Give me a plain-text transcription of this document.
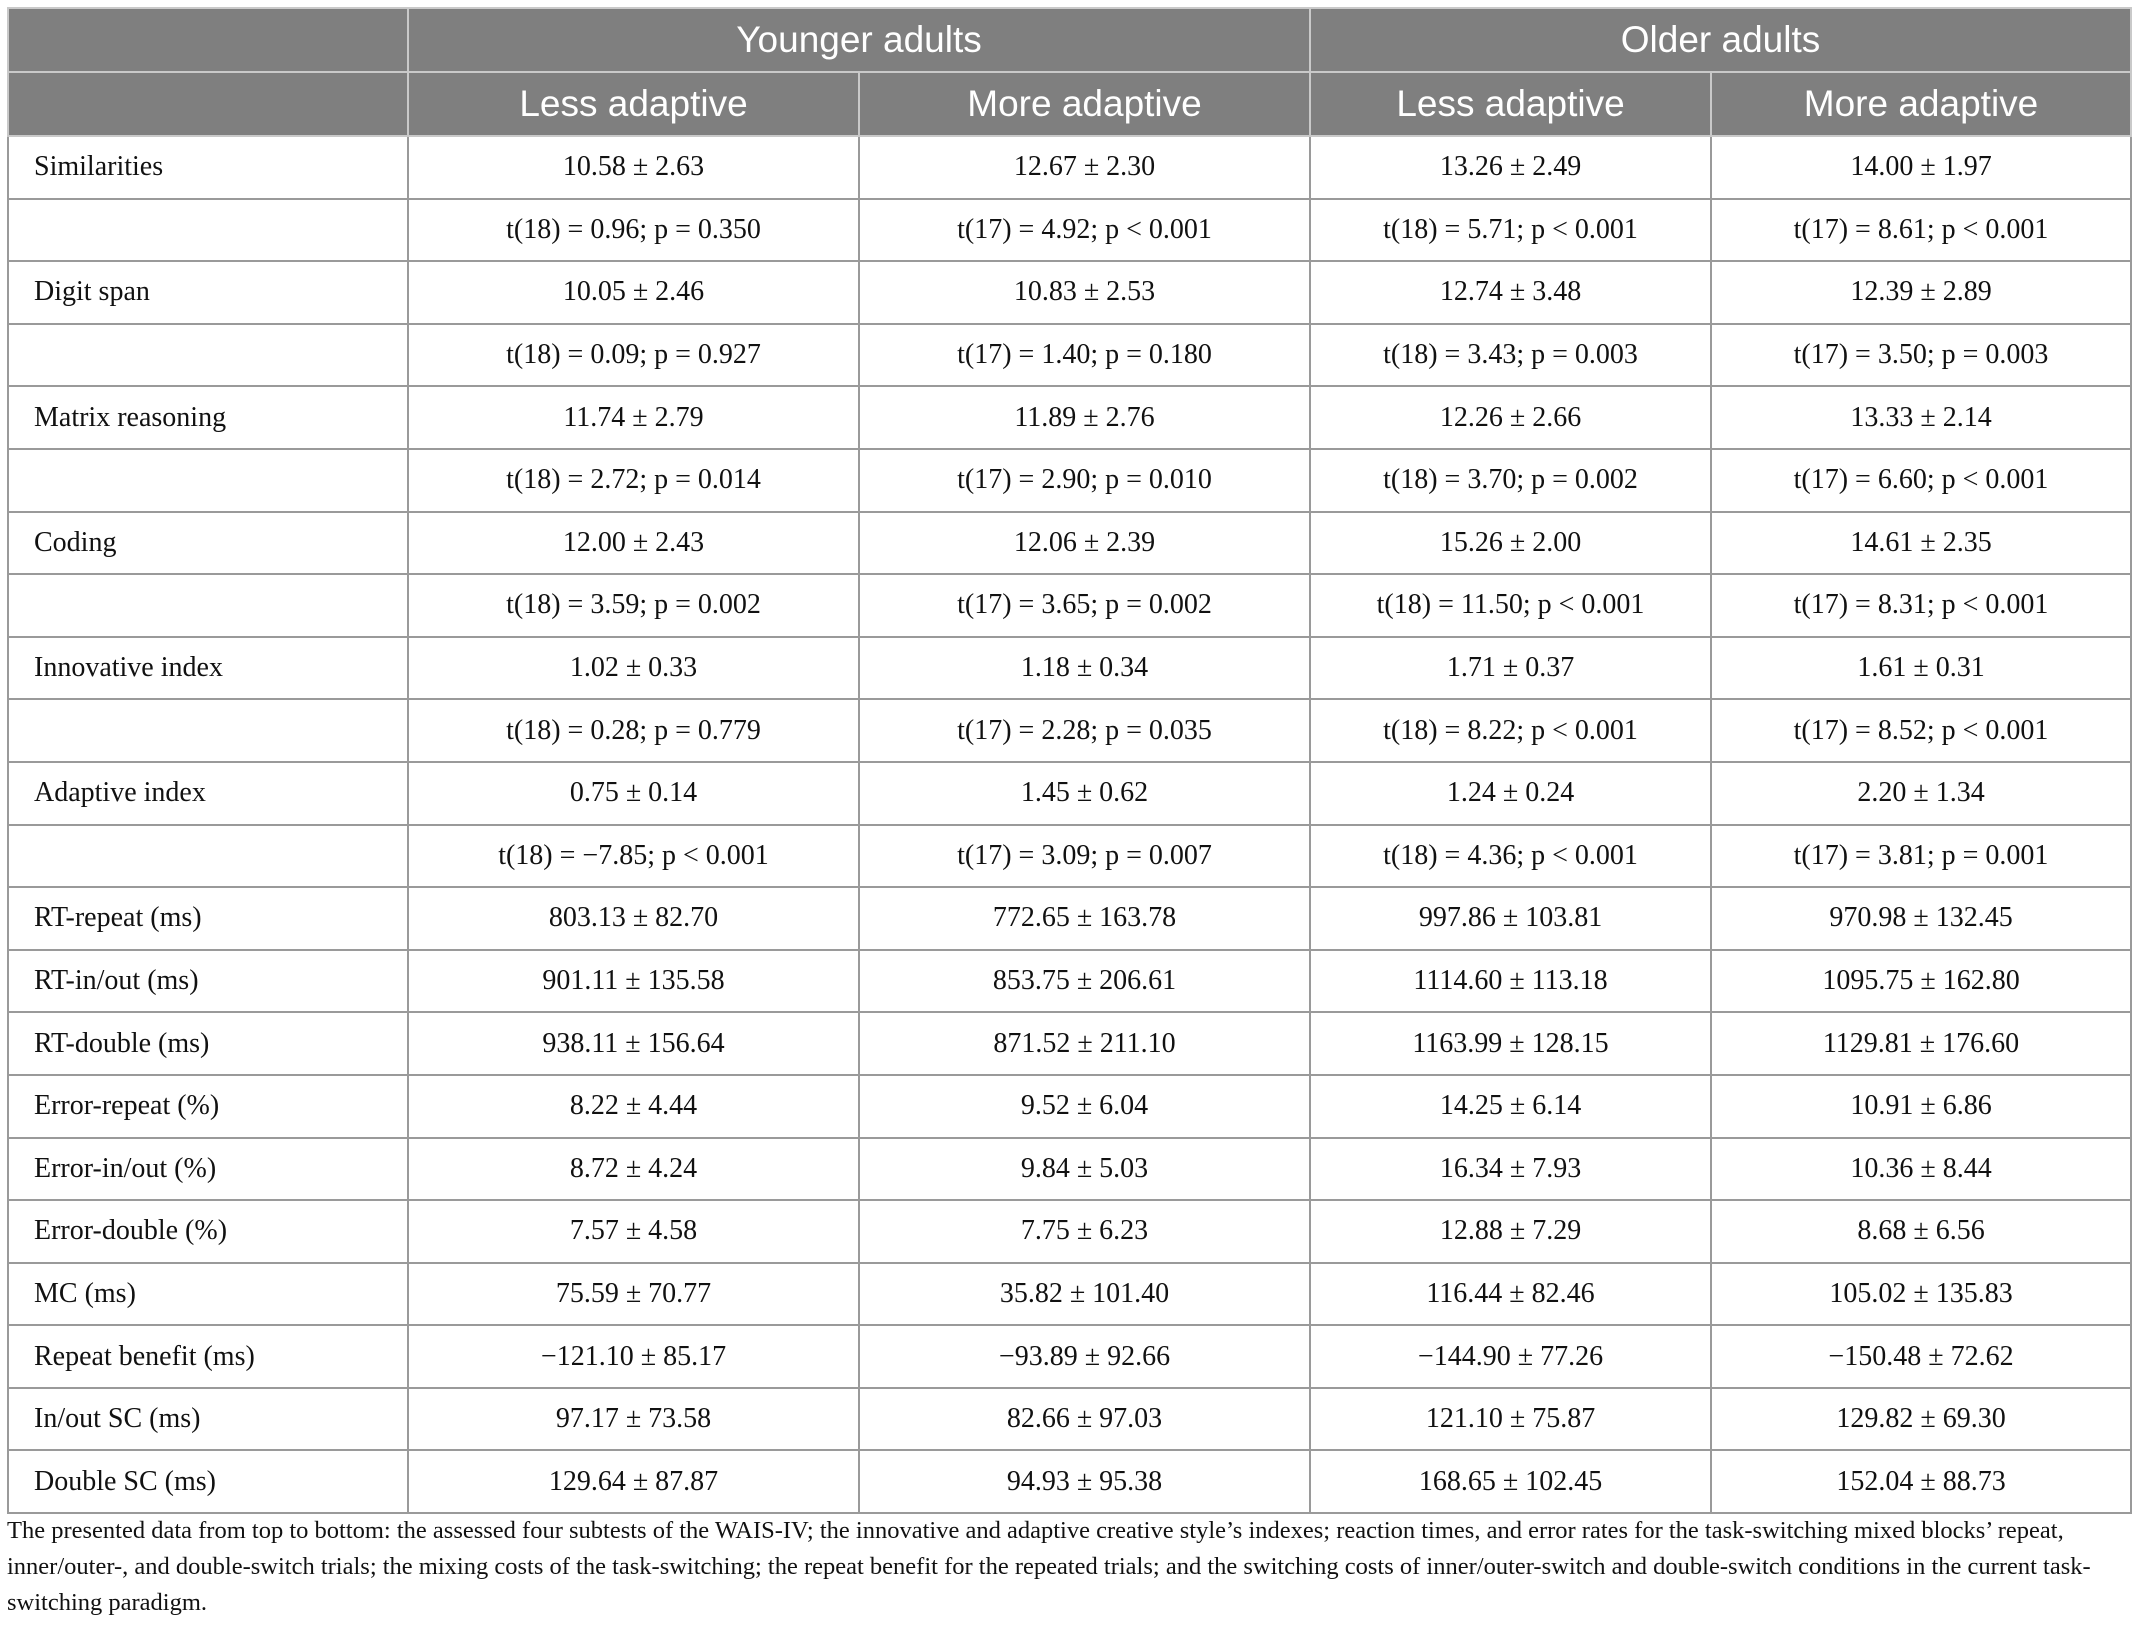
	Younger adults		Older adults	
	Less adaptive	More adaptive	Less adaptive	More adaptive
Similarities	10.58 ± 2.63	12.67 ± 2.30	13.26 ± 2.49	14.00 ± 1.97
	t(18) = 0.96; p = 0.350	t(17) = 4.92; p < 0.001	t(18) = 5.71; p < 0.001	t(17) = 8.61; p < 0.001
Digit span	10.05 ± 2.46	10.83 ± 2.53	12.74 ± 3.48	12.39 ± 2.89
	t(18) = 0.09; p = 0.927	t(17) = 1.40; p = 0.180	t(18) = 3.43; p = 0.003	t(17) = 3.50; p = 0.003
Matrix reasoning	11.74 ± 2.79	11.89 ± 2.76	12.26 ± 2.66	13.33 ± 2.14
	t(18) = 2.72; p = 0.014	t(17) = 2.90; p = 0.010	t(18) = 3.70; p = 0.002	t(17) = 6.60; p < 0.001
Coding	12.00 ± 2.43	12.06 ± 2.39	15.26 ± 2.00	14.61 ± 2.35
	t(18) = 3.59; p = 0.002	t(17) = 3.65; p = 0.002	t(18) = 11.50; p < 0.001	t(17) = 8.31; p < 0.001
Innovative index	1.02 ± 0.33	1.18 ± 0.34	1.71 ± 0.37	1.61 ± 0.31
	t(18) = 0.28; p = 0.779	t(17) = 2.28; p = 0.035	t(18) = 8.22; p < 0.001	t(17) = 8.52; p < 0.001
Adaptive index	0.75 ± 0.14	1.45 ± 0.62	1.24 ± 0.24	2.20 ± 1.34
	t(18) = −7.85; p < 0.001	t(17) = 3.09; p = 0.007	t(18) = 4.36; p < 0.001	t(17) = 3.81; p = 0.001
RT-repeat (ms)	803.13 ± 82.70	772.65 ± 163.78	997.86 ± 103.81	970.98 ± 132.45
RT-in/out (ms)	901.11 ± 135.58	853.75 ± 206.61	1114.60 ± 113.18	1095.75 ± 162.80
RT-double (ms)	938.11 ± 156.64	871.52 ± 211.10	1163.99 ± 128.15	1129.81 ± 176.60
Error-repeat (%)	8.22 ± 4.44	9.52 ± 6.04	14.25 ± 6.14	10.91 ± 6.86
Error-in/out (%)	8.72 ± 4.24	9.84 ± 5.03	16.34 ± 7.93	10.36 ± 8.44
Error-double (%)	7.57 ± 4.58	7.75 ± 6.23	12.88 ± 7.29	8.68 ± 6.56
MC (ms)	75.59 ± 70.77	35.82 ± 101.40	116.44 ± 82.46	105.02 ± 135.83
Repeat benefit (ms)	−121.10 ± 85.17	−93.89 ± 92.66	−144.90 ± 77.26	−150.48 ± 72.62
In/out SC (ms)	97.17 ± 73.58	82.66 ± 97.03	121.10 ± 75.87	129.82 ± 69.30
Double SC (ms)	129.64 ± 87.87	94.93 ± 95.38	168.65 ± 102.45	152.04 ± 88.73

The presented data from top to bottom: the assessed four subtests of the WAIS-IV; the innovative and adaptive creative style’s indexes; reaction times, and error rates for the task-switching mixed blocks’ repeat, inner/outer-, and double-switch trials; the mixing costs of the task-switching; the repeat benefit for the repeated trials; and the switching costs of inner/outer-switch and double-switch conditions in the current task-switching paradigm.
